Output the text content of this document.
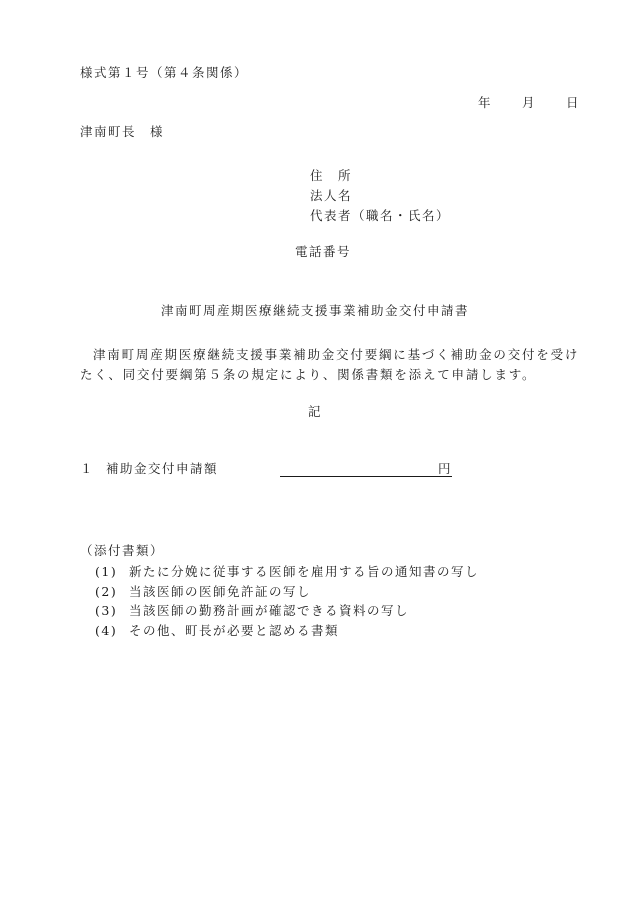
様式第１号（第４条関係）
年 月 日
津南町長 様
住　所
法人名
代表者（職名・氏名）
電話番号
津南町周産期医療継続支援事業補助金交付申請書
津南町周産期医療継続支援事業補助金交付要綱に基づく補助金の交付を受けたく、同交付要綱第５条の規定により、関係書類を添えて申請します。
記
１ 補助金交付申請額	円
（添付書類）
(1) 新たに分娩に従事する医師を雇用する旨の通知書の写し
(2) 当該医師の医師免許証の写し
(3) 当該医師の勤務計画が確認できる資料の写し
(4) その他、町長が必要と認める書類
